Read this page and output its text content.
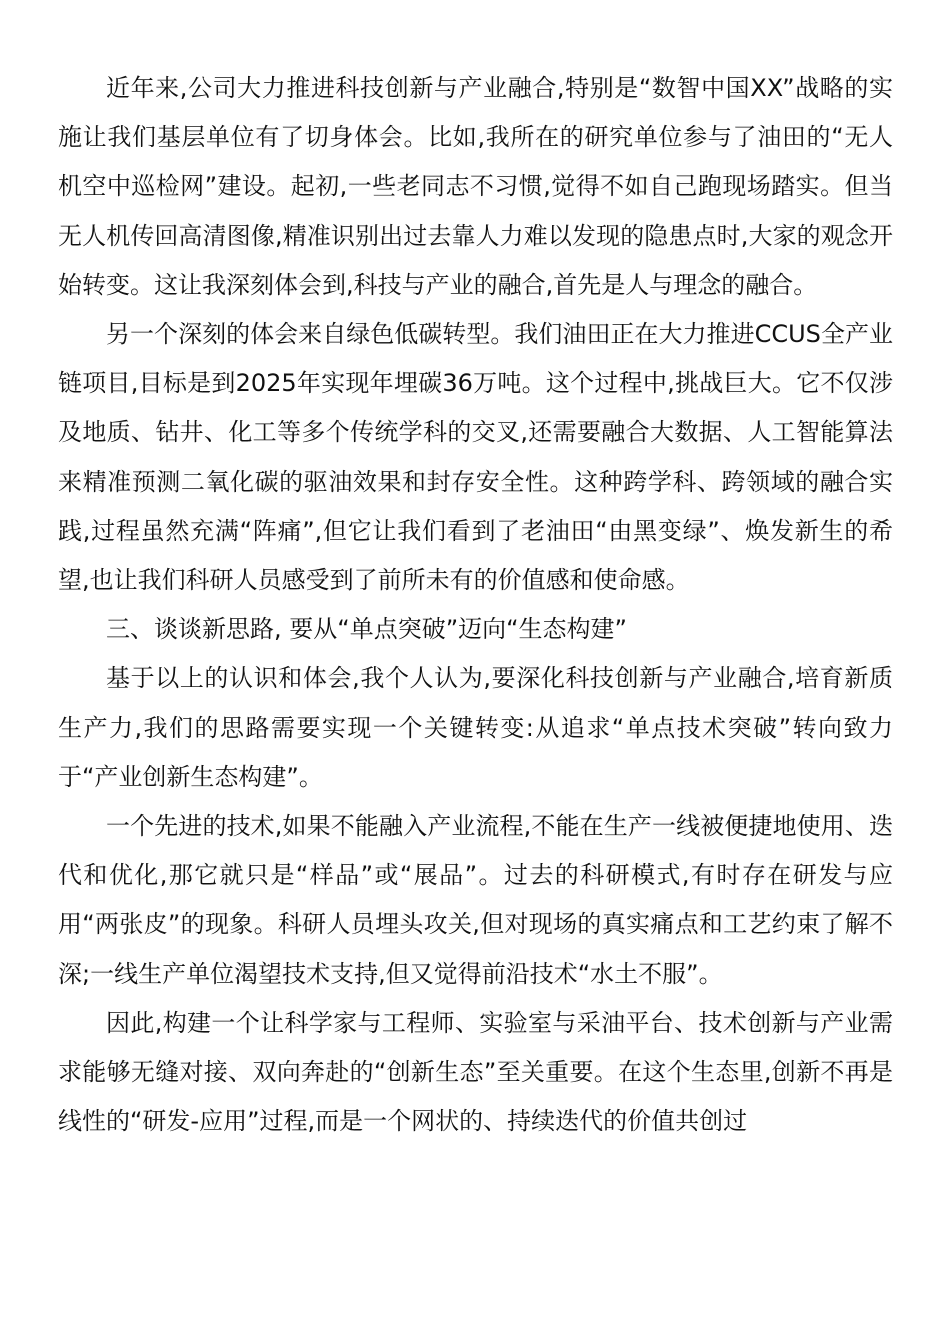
近年来,公司大力推进科技创新与产业融合,特别是“数智中国XX”战略的实施让我们基层单位有了切身体会。比如,我所在的研究单位参与了油田的“无人机空中巡检网”建设。起初,一些老同志不习惯,觉得不如自己跑现场踏实。但当无人机传回高清图像,精准识别出过去靠人力难以发现的隐患点时,大家的观念开始转变。这让我深刻体会到,科技与产业的融合,首先是人与理念的融合。

另一个深刻的体会来自绿色低碳转型。我们油田正在大力推进CCUS全产业链项目,目标是到2025年实现年埋碳36万吨。这个过程中,挑战巨大。它不仅涉及地质、钻井、化工等多个传统学科的交叉,还需要融合大数据、人工智能算法来精准预测二氧化碳的驱油效果和封存安全性。这种跨学科、跨领域的融合实践,过程虽然充满“阵痛”,但它让我们看到了老油田“由黑变绿”、焕发新生的希望,也让我们科研人员感受到了前所未有的价值感和使命感。

三、谈谈新思路, 要从“单点突破”迈向“生态构建”

基于以上的认识和体会,我个人认为,要深化科技创新与产业融合,培育新质生产力,我们的思路需要实现一个关键转变:从追求“单点技术突破”转向致力于“产业创新生态构建”。

一个先进的技术,如果不能融入产业流程,不能在生产一线被便捷地使用、迭代和优化,那它就只是“样品”或“展品”。过去的科研模式,有时存在研发与应用“两张皮”的现象。科研人员埋头攻关,但对现场的真实痛点和工艺约束了解不深;一线生产单位渴望技术支持,但又觉得前沿技术“水土不服”。

因此,构建一个让科学家与工程师、实验室与采油平台、技术创新与产业需求能够无缝对接、双向奔赴的“创新生态”至关重要。在这个生态里,创新不再是线性的“研发-应用”过程,而是一个网状的、持续迭代的价值共创过
